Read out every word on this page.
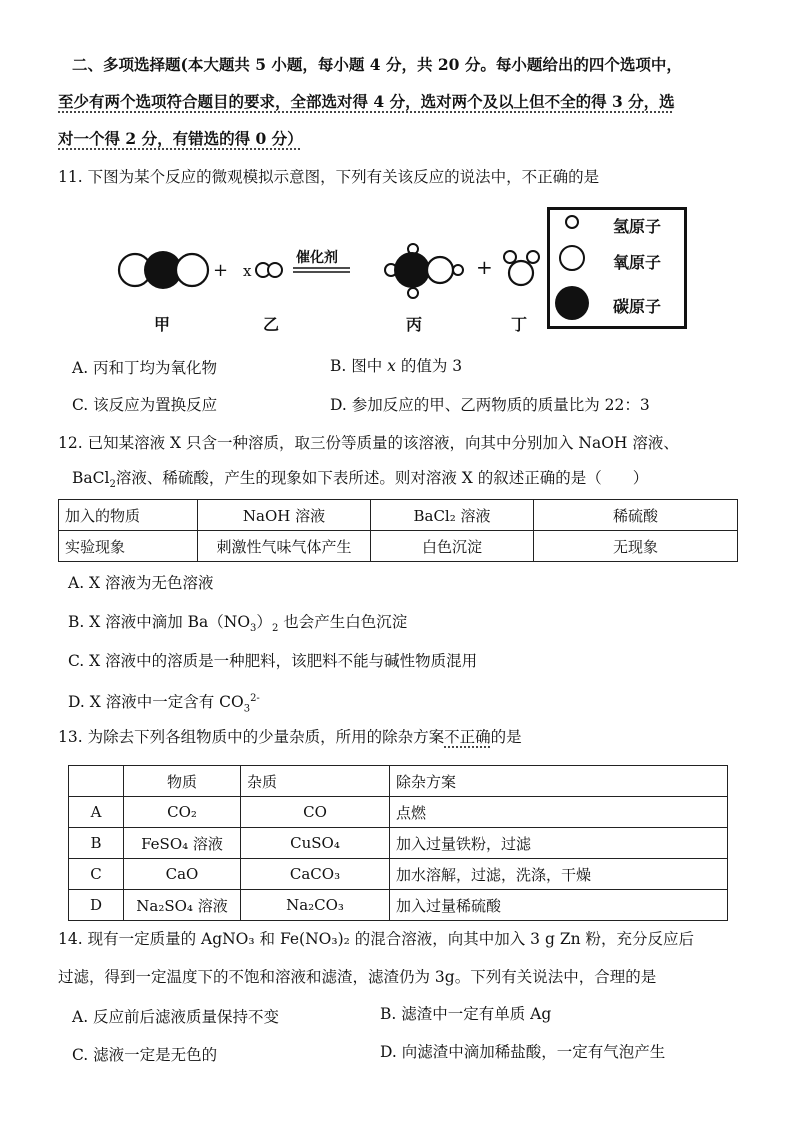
二、多项选择题(本大题共 5 小题，每小题 4 分，共 20 分。每小题给出的四个选项中，
至少有两个选项符合题目的要求，全部选对得 4 分，选对两个及以上但不全的得 3 分，选
对一个得 2 分，有错选的得 0 分）
11. 下图为某个反应的微观模拟示意图，下列有关该反应的说法中，不正确的是
+ x
催化剂	+
氢原子
氧原子
碳原子
甲	乙	丙	丁
A. 丙和丁均为氧化物	B. 图中 x 的值为 3
C. 该反应为置换反应	D. 参加反应的甲、乙两物质的质量比为 22：3
12. 已知某溶液 X 只含一种溶质，取三份等质量的该溶液，向其中分别加入 NaOH 溶液、
BaCl$_2$溶液、稀硫酸，产生的现象如下表所述。则对溶液 X 的叙述正确的是（　　）
加入的物质	NaOH 溶液	BaCl₂ 溶液	稀硫酸
实验现象	刺激性气味气体产生	白色沉淀	无现象
A. X 溶液为无色溶液
B. X 溶液中滴加 $Ba(NO_3)_2$ 也会产生白色沉淀
C. X 溶液中的溶质是一种肥料，该肥料不能与碱性物质混用
D. X 溶液中一定含有 $CO_3^{2-}$
13. 为除去下列各组物质中的少量杂质，所用的除杂方案不正确的是
	物质	杂质	除杂方案
A	CO₂	CO	点燃
B	FeSO₄ 溶液	CuSO₄	加入过量铁粉，过滤
C	CaO	CaCO₃	加水溶解，过滤，洗涤，干燥
D	Na₂SO₄ 溶液	Na₂CO₃	加入过量稀硫酸
14. 现有一定质量的 AgNO₃ 和 Fe(NO₃)₂ 的混合溶液，向其中加入 3 g Zn 粉，充分反应后
过滤，得到一定温度下的不饱和溶液和滤渣，滤渣仍为 3g。下列有关说法中，合理的是
A. 反应前后滤液质量保持不变	B. 滤渣中一定有单质 Ag
C. 滤液一定是无色的	D. 向滤渣中滴加稀盐酸，一定有气泡产生
